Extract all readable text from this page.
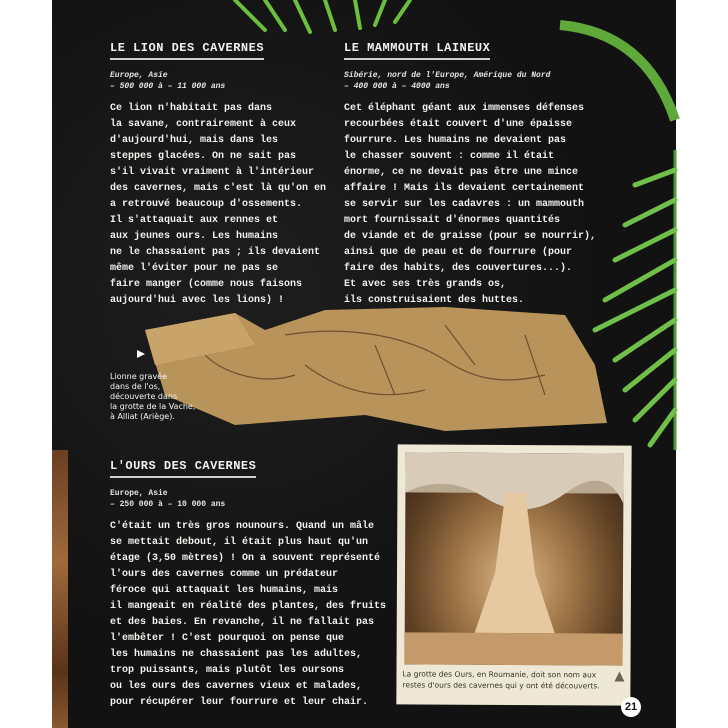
LE LION DES CAVERNES
Europe, Asie
– 500 000 à – 11 000 ans
Ce lion n'habitait pas dans
la savane, contrairement à ceux
d'aujourd'hui, mais dans les
steppes glacées. On ne sait pas
s'il vivait vraiment à l'intérieur
des cavernes, mais c'est là qu'on en
a retrouvé beaucoup d'ossements.
Il s'attaquait aux rennes et
aux jeunes ours. Les humains
ne le chassaient pas ; ils devaient
même l'éviter pour ne pas se
faire manger (comme nous faisons
aujourd'hui avec les lions) !
LE MAMMOUTH LAINEUX
Sibérie, nord de l'Europe, Amérique du Nord
– 400 000 à – 4000 ans
Cet éléphant géant aux immenses défenses
recourbées était couvert d'une épaisse
fourrure. Les humains ne devaient pas
le chasser souvent : comme il était
énorme, ce ne devait pas être une mince
affaire ! Mais ils devaient certainement
se servir sur les cadavres : un mammouth
mort fournissait d'énormes quantités
de viande et de graisse (pour se nourrir),
ainsi que de peau et de fourrure (pour
faire des habits, des couvertures...).
Et avec ses très grands os,
ils construisaient des huttes.
Lionne gravée
dans de l'os,
découverte dans
la grotte de la Vache,
à Alliat (Ariège).
L'OURS DES CAVERNES
Europe, Asie
– 250 000 à – 10 000 ans
C'était un très gros nounours. Quand un mâle
se mettait debout, il était plus haut qu'un
étage (3,50 mètres) ! On a souvent représenté
l'ours des cavernes comme un prédateur
féroce qui attaquait les humains, mais
il mangeait en réalité des plantes, des fruits
et des baies. En revanche, il ne fallait pas
l'embêter ! C'est pourquoi on pense que
les humains ne chassaient pas les adultes,
trop puissants, mais plutôt les oursons
ou les ours des cavernes vieux et malades,
pour récupérer leur fourrure et leur chair.
La grotte des Ours, en Roumanie, doit son nom aux
restes d'ours des cavernes qui y ont été découverts.
21
